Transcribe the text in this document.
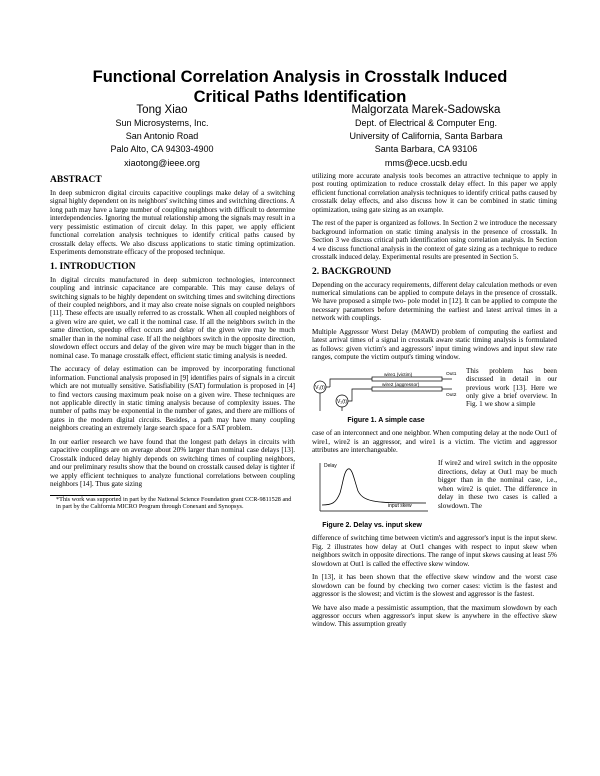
Functional Correlation Analysis in Crosstalk Induced Critical Paths Identification
Tong Xiao
Sun Microsystems, Inc.
San Antonio Road
Palo Alto, CA 94303-4900
xiaotong@ieee.org
Malgorzata Marek-Sadowska
Dept. of Electrical & Computer Eng.
University of California, Santa Barbara
Santa Barbara, CA 93106
mms@ece.ucsb.edu
ABSTRACT

In deep submicron digital circuits capacitive couplings make delay of a switching signal highly dependent on its neighbors' switching times and switching directions. A long path may have a large number of coupling neighbors with difficult to determine interdependencies. Ignoring the mutual relationship among the signals may result in a very pessimistic estimation of circuit delay. In this paper, we apply efficient functional correlation analysis techniques to identify critical paths caused by crosstalk delay effects. We also discuss applications to static timing optimization. Experiments demonstrate efficacy of the proposed technique.

1. INTRODUCTION

In digital circuits manufactured in deep submicron technologies, interconnect coupling and intrinsic capacitance are comparable. This may cause delays of switching signals to be highly dependent on switching times and switching directions of their coupled neighbors, and it may also create noise signals on coupled neighbors [11]. These effects are usually referred to as crosstalk. When all coupled neighbors of a given wire are quiet, we call it the nominal case. If all the neighbors switch in the same direction, speedup effect occurs and delay of the given wire may be much smaller than in the nominal case. If all the neighbors switch in the opposite direction, slowdown effect occurs and delay of the given wire may be much bigger than in the nominal case. To manage crosstalk effect, efficient static timing analysis is needed.

The accuracy of delay estimation can be improved by incorporating functional information. Functional analysis proposed in [9] identifies pairs of signals in a circuit which are not mutually sensitive. Satisfiability (SAT) formulation is proposed in [4] to find vectors causing maximum peak noise on a given wire. These techniques are not applicable directly in static timing analysis because of complexity issues. The number of paths may be exponential in the number of gates, and there are millions of gates in the modern digital circuits. Besides, a path may have many coupling neighbors creating an extremely large search space for a SAT problem.

In our earlier research we have found that the longest path delays in circuits with capacitive couplings are on average about 20% larger than nominal case delays [13]. Crosstalk induced delay highly depends on switching times of coupling neighbors, and our preliminary results show that the bound on crosstalk caused delay is tighter if we apply efficient techniques to analyze functional correlations between coupling neighbors [14]. Thus gate sizing

*This work was supported in part by the National Science Foundation grant CCR-9811528 and in part by the California MICRO Program through Conexant and Synopsys.

utilizing more accurate analysis tools becomes an attractive technique to apply in post routing optimization to reduce crosstalk delay effect. In this paper we apply efficient functional correlation analysis techniques to identify critical paths caused by crosstalk delay effects, and also discuss how it can be combined in static timing optimization, using gate sizing as an example.

The rest of the paper is organized as follows. In Section 2 we introduce the necessary background information on static timing analysis in the presence of crosstalk. In Section 3 we discuss critical path identification using correlation analysis. In Section 4 we discuss functional analysis in the context of gate sizing as a technique to reduce crosstalk induced delay. Experimental results are presented in Section 5.

2. BACKGROUND

Depending on the accuracy requirements, different delay calculation methods or even numerical simulations can be applied to compute delays in the presence of crosstalk. We have proposed a simple two- pole model in [12]. It can be applied to compute the necessary parameters before determining the earliest and latest arrival times in a network with couplings.

Multiple Aggressor Worst Delay (MAWD) problem of computing the earliest and latest arrival times of a signal in crosstalk aware static timing analysis is formulated as follows: given victim's and aggressors' input timing windows and input slew rate ranges, compute the victim output's timing window.

V₁(t)
V₂(t)
wire1 (victim)	Out1
wire2 (aggressor)
Out2
Figure 1. A simple case
This problem has been discussed in detail in our previous work [13]. Here we only give a brief overview. In Fig. 1 we show a simple

case of an interconnect and one neighbor. When computing delay at the node Out1 of wire1, wire2 is an aggressor, and wire1 is a victim. The victim and aggressor attributes are interchangeable.

Delay
input skew
Figure 2. Delay vs. input skew
If wire2 and wire1 switch in the opposite directions, delay at Out1 may be much bigger than in the nominal case, i.e., when wire2 is quiet. The difference in delay in these two cases is called a slowdown. The

difference of switching time between victim's and aggressor's input is the input skew. Fig. 2 illustrates how delay at Out1 changes with respect to input skew when neighbors switch in opposite directions. The range of input skews causing at least 5% slowdown at Out1 is called the effective skew window.

In [13], it has been shown that the effective skew window and the worst case slowdown can be found by checking two corner cases: victim is the fastest and aggressor is the slowest; and victim is the slowest and aggressor is the fastest.

We have also made a pessimistic assumption, that the maximum slowdown by each aggressor occurs when aggressor's input skew is anywhere in the effective skew window. This assumption greatly
